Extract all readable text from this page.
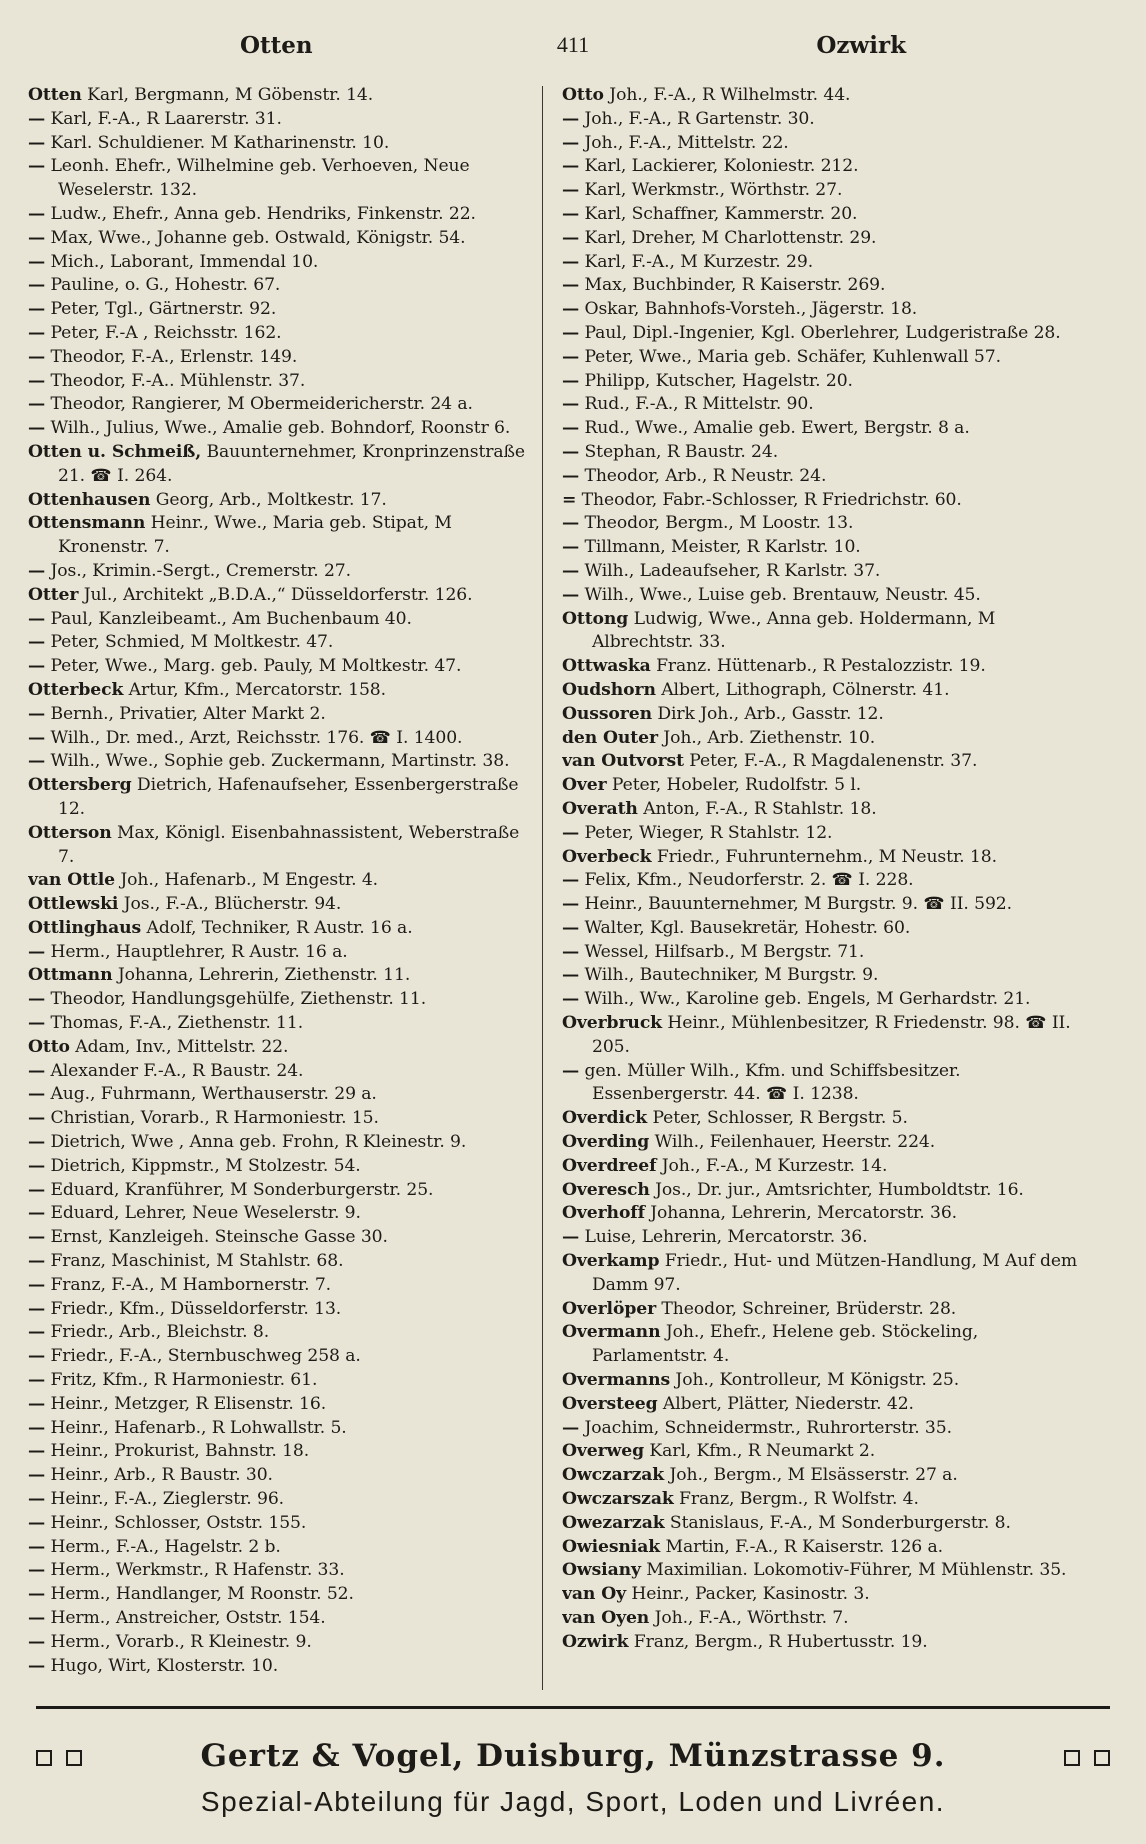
Otten	411	Ozwirk
Otten Karl, Bergmann, M Göbenstr. 14.
— Karl, F.-A., R Laarerstr. 31.
— Karl. Schuldiener. M Katharinenstr. 10.
— Leonh. Ehefr., Wilhelmine geb. Verhoeven, Neue Weselerstr. 132.
— Ludw., Ehefr., Anna geb. Hendriks, Finkenstr. 22.
— Max, Wwe., Johanne geb. Ostwald, Königstr. 54.
— Mich., Laborant, Immendal 10.
— Pauline, o. G., Hohestr. 67.
— Peter, Tgl., Gärtnerstr. 92.
— Peter, F.-A , Reichsstr. 162.
— Theodor, F.-A., Erlenstr. 149.
— Theodor, F.-A.. Mühlenstr. 37.
— Theodor, Rangierer, M Obermeidericherstr. 24 a.
— Wilh., Julius, Wwe., Amalie geb. Bohndorf, Roonstr 6.
Otten u. Schmeiß, Bauunternehmer, Kronprinzenstraße 21. ☎ I. 264.
Ottenhausen Georg, Arb., Moltkestr. 17.
Ottensmann Heinr., Wwe., Maria geb. Stipat, M Kronenstr. 7.
— Jos., Krimin.-Sergt., Cremerstr. 27.
Otter Jul., Architekt „B.D.A.,“ Düsseldorferstr. 126.
— Paul, Kanzleibeamt., Am Buchenbaum 40.
— Peter, Schmied, M Moltkestr. 47.
— Peter, Wwe., Marg. geb. Pauly, M Moltkestr. 47.
Otterbeck Artur, Kfm., Mercatorstr. 158.
— Bernh., Privatier, Alter Markt 2.
— Wilh., Dr. med., Arzt, Reichsstr. 176. ☎ I. 1400.
— Wilh., Wwe., Sophie geb. Zuckermann, Martinstr. 38.
Ottersberg Dietrich, Hafenaufseher, Essenbergerstraße 12.
Otterson Max, Königl. Eisenbahnassistent, Weberstraße 7.
van Ottle Joh., Hafenarb., M Engestr. 4.
Ottlewski Jos., F.-A., Blücherstr. 94.
Ottlinghaus Adolf, Techniker, R Austr. 16 a.
— Herm., Hauptlehrer, R Austr. 16 a.
Ottmann Johanna, Lehrerin, Ziethenstr. 11.
— Theodor, Handlungsgehülfe, Ziethenstr. 11.
— Thomas, F.-A., Ziethenstr. 11.
Otto Adam, Inv., Mittelstr. 22.
— Alexander F.-A., R Baustr. 24.
— Aug., Fuhrmann, Werthauserstr. 29 a.
— Christian, Vorarb., R Harmoniestr. 15.
— Dietrich, Wwe , Anna geb. Frohn, R Kleinestr. 9.
— Dietrich, Kippmstr., M Stolzestr. 54.
— Eduard, Kranführer, M Sonderburgerstr. 25.
— Eduard, Lehrer, Neue Weselerstr. 9.
— Ernst, Kanzleigeh. Steinsche Gasse 30.
— Franz, Maschinist, M Stahlstr. 68.
— Franz, F.-A., M Hambornerstr. 7.
— Friedr., Kfm., Düsseldorferstr. 13.
— Friedr., Arb., Bleichstr. 8.
— Friedr., F.-A., Sternbuschweg 258 a.
— Fritz, Kfm., R Harmoniestr. 61.
— Heinr., Metzger, R Elisenstr. 16.
— Heinr., Hafenarb., R Lohwallstr. 5.
— Heinr., Prokurist, Bahnstr. 18.
— Heinr., Arb., R Baustr. 30.
— Heinr., F.-A., Zieglerstr. 96.
— Heinr., Schlosser, Oststr. 155.
— Herm., F.-A., Hagelstr. 2 b.
— Herm., Werkmstr., R Hafenstr. 33.
— Herm., Handlanger, M Roonstr. 52.
— Herm., Anstreicher, Oststr. 154.
— Herm., Vorarb., R Kleinestr. 9.
— Hugo, Wirt, Klosterstr. 10.
Otto Joh., F.-A., R Wilhelmstr. 44.
— Joh., F.-A., R Gartenstr. 30.
— Joh., F.-A., Mittelstr. 22.
— Karl, Lackierer, Koloniestr. 212.
— Karl, Werkmstr., Wörthstr. 27.
— Karl, Schaffner, Kammerstr. 20.
— Karl, Dreher, M Charlottenstr. 29.
— Karl, F.-A., M Kurzestr. 29.
— Max, Buchbinder, R Kaiserstr. 269.
— Oskar, Bahnhofs-Vorsteh., Jägerstr. 18.
— Paul, Dipl.-Ingenier, Kgl. Oberlehrer, Ludgeristraße 28.
— Peter, Wwe., Maria geb. Schäfer, Kuhlenwall 57.
— Philipp, Kutscher, Hagelstr. 20.
— Rud., F.-A., R Mittelstr. 90.
— Rud., Wwe., Amalie geb. Ewert, Bergstr. 8 a.
— Stephan, R Baustr. 24.
— Theodor, Arb., R Neustr. 24.
= Theodor, Fabr.-Schlosser, R Friedrichstr. 60.
— Theodor, Bergm., M Loostr. 13.
— Tillmann, Meister, R Karlstr. 10.
— Wilh., Ladeaufseher, R Karlstr. 37.
— Wilh., Wwe., Luise geb. Brentauw, Neustr. 45.
Ottong Ludwig, Wwe., Anna geb. Holdermann, M Albrechtstr. 33.
Ottwaska Franz. Hüttenarb., R Pestalozzistr. 19.
Oudshorn Albert, Lithograph, Cölnerstr. 41.
Oussoren Dirk Joh., Arb., Gasstr. 12.
den Outer Joh., Arb. Ziethenstr. 10.
van Outvorst Peter, F.-A., R Magdalenenstr. 37.
Over Peter, Hobeler, Rudolfstr. 5 l.
Overath Anton, F.-A., R Stahlstr. 18.
— Peter, Wieger, R Stahlstr. 12.
Overbeck Friedr., Fuhrunternehm., M Neustr. 18.
— Felix, Kfm., Neudorferstr. 2. ☎ I. 228.
— Heinr., Bauunternehmer, M Burgstr. 9. ☎ II. 592.
— Walter, Kgl. Bausekretär, Hohestr. 60.
— Wessel, Hilfsarb., M Bergstr. 71.
— Wilh., Bautechniker, M Burgstr. 9.
— Wilh., Ww., Karoline geb. Engels, M Gerhardstr. 21.
Overbruck Heinr., Mühlenbesitzer, R Friedenstr. 98. ☎ II. 205.
— gen. Müller Wilh., Kfm. und Schiffsbesitzer. Essenbergerstr. 44. ☎ I. 1238.
Overdick Peter, Schlosser, R Bergstr. 5.
Overding Wilh., Feilenhauer, Heerstr. 224.
Overdreef Joh., F.-A., M Kurzestr. 14.
Overesch Jos., Dr. jur., Amtsrichter, Humboldtstr. 16.
Overhoff Johanna, Lehrerin, Mercatorstr. 36.
— Luise, Lehrerin, Mercatorstr. 36.
Overkamp Friedr., Hut- und Mützen-Handlung, M Auf dem Damm 97.
Overlöper Theodor, Schreiner, Brüderstr. 28.
Overmann Joh., Ehefr., Helene geb. Stöckeling, Parlamentstr. 4.
Overmanns Joh., Kontrolleur, M Königstr. 25.
Oversteeg Albert, Plätter, Niederstr. 42.
— Joachim, Schneidermstr., Ruhrorterstr. 35.
Overweg Karl, Kfm., R Neumarkt 2.
Owczarzak Joh., Bergm., M Elsässerstr. 27 a.
Owczarszak Franz, Bergm., R Wolfstr. 4.
Owezarzak Stanislaus, F.-A., M Sonderburgerstr. 8.
Owiesniak Martin, F.-A., R Kaiserstr. 126 a.
Owsiany Maximilian. Lokomotiv-Führer, M Mühlenstr. 35.
van Oy Heinr., Packer, Kasinostr. 3.
van Oyen Joh., F.-A., Wörthstr. 7.
Ozwirk Franz, Bergm., R Hubertusstr. 19.
Gertz & Vogel, Duisburg, Münzstrasse 9.
Spezial-Abteilung für Jagd, Sport, Loden und Livréen.
